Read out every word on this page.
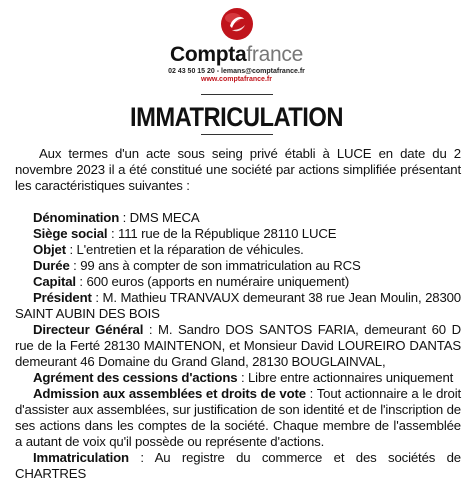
Comptafrance
02 43 50 15 20 - lemans@comptafrance.fr
www.comptafrance.fr
IMMATRICULATION

Aux termes d'un acte sous seing privé établi à LUCE en date du 2 novembre 2023 il a été constitué une société par actions simplifiée présentant les caractéristiques suivantes :

Dénomination : DMS MECA

Siège social : 111 rue de la République 28110 LUCE

Objet : L'entretien et la réparation de véhicules.

Durée : 99 ans à compter de son immatriculation au RCS

Capital : 600 euros (apports en numéraire uniquement)

Président : M. Mathieu TRANVAUX demeurant 38 rue Jean Moulin, 28300 SAINT AUBIN DES BOIS

Directeur Général : M. Sandro DOS SANTOS FARIA, demeurant 60 D rue de la Ferté 28130 MAINTENON, et Monsieur David LOUREIRO DANTAS demeurant 46 Domaine du Grand Gland, 28130 BOUGLAINVAL,

Agrément des cessions d'actions : Libre entre actionnaires uniquement

Admission aux assemblées et droits de vote : Tout actionnaire a le droit d'assister aux assemblées, sur justification de son identité et de l'inscription de ses actions dans les comptes de la société. Chaque membre de l'assemblée a autant de voix qu'il possède ou représente d'actions.

Immatriculation : Au registre du commerce et des sociétés de CHARTRES
